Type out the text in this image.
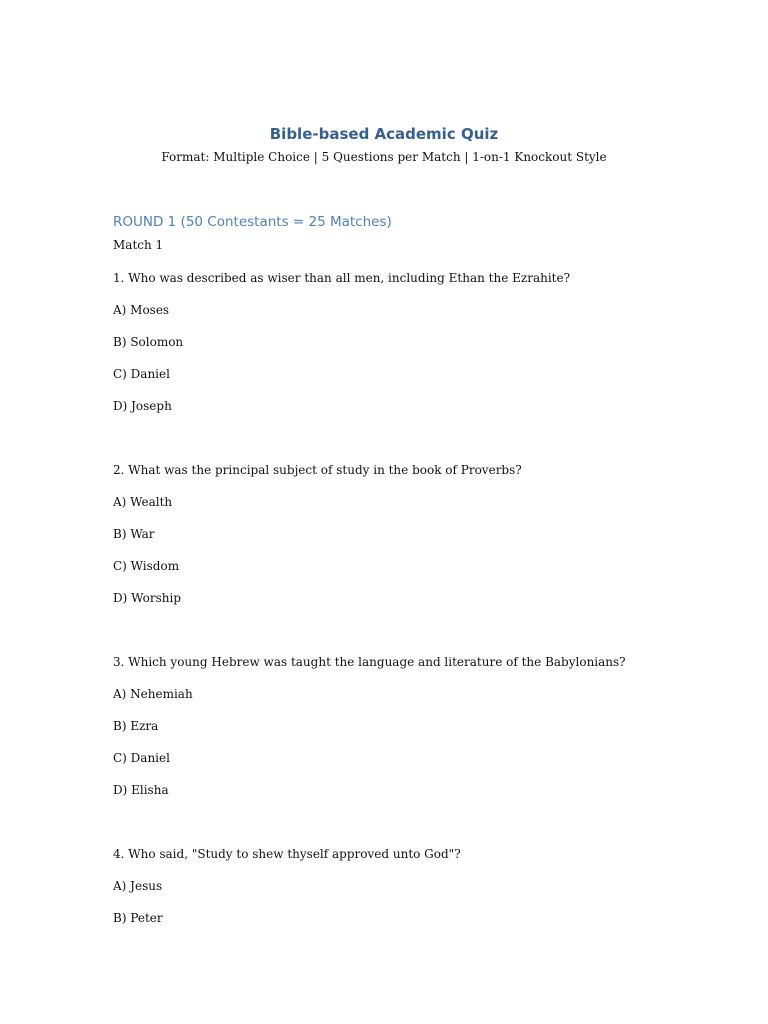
Bible-based Academic Quiz
Format: Multiple Choice | 5 Questions per Match | 1-on-1 Knockout Style
ROUND 1 (50 Contestants = 25 Matches)
Match 1
1. Who was described as wiser than all men, including Ethan the Ezrahite?
A) Moses
B) Solomon
C) Daniel
D) Joseph
2. What was the principal subject of study in the book of Proverbs?
A) Wealth
B) War
C) Wisdom
D) Worship
3. Which young Hebrew was taught the language and literature of the Babylonians?
A) Nehemiah
B) Ezra
C) Daniel
D) Elisha
4. Who said, "Study to shew thyself approved unto God"?
A) Jesus
B) Peter
